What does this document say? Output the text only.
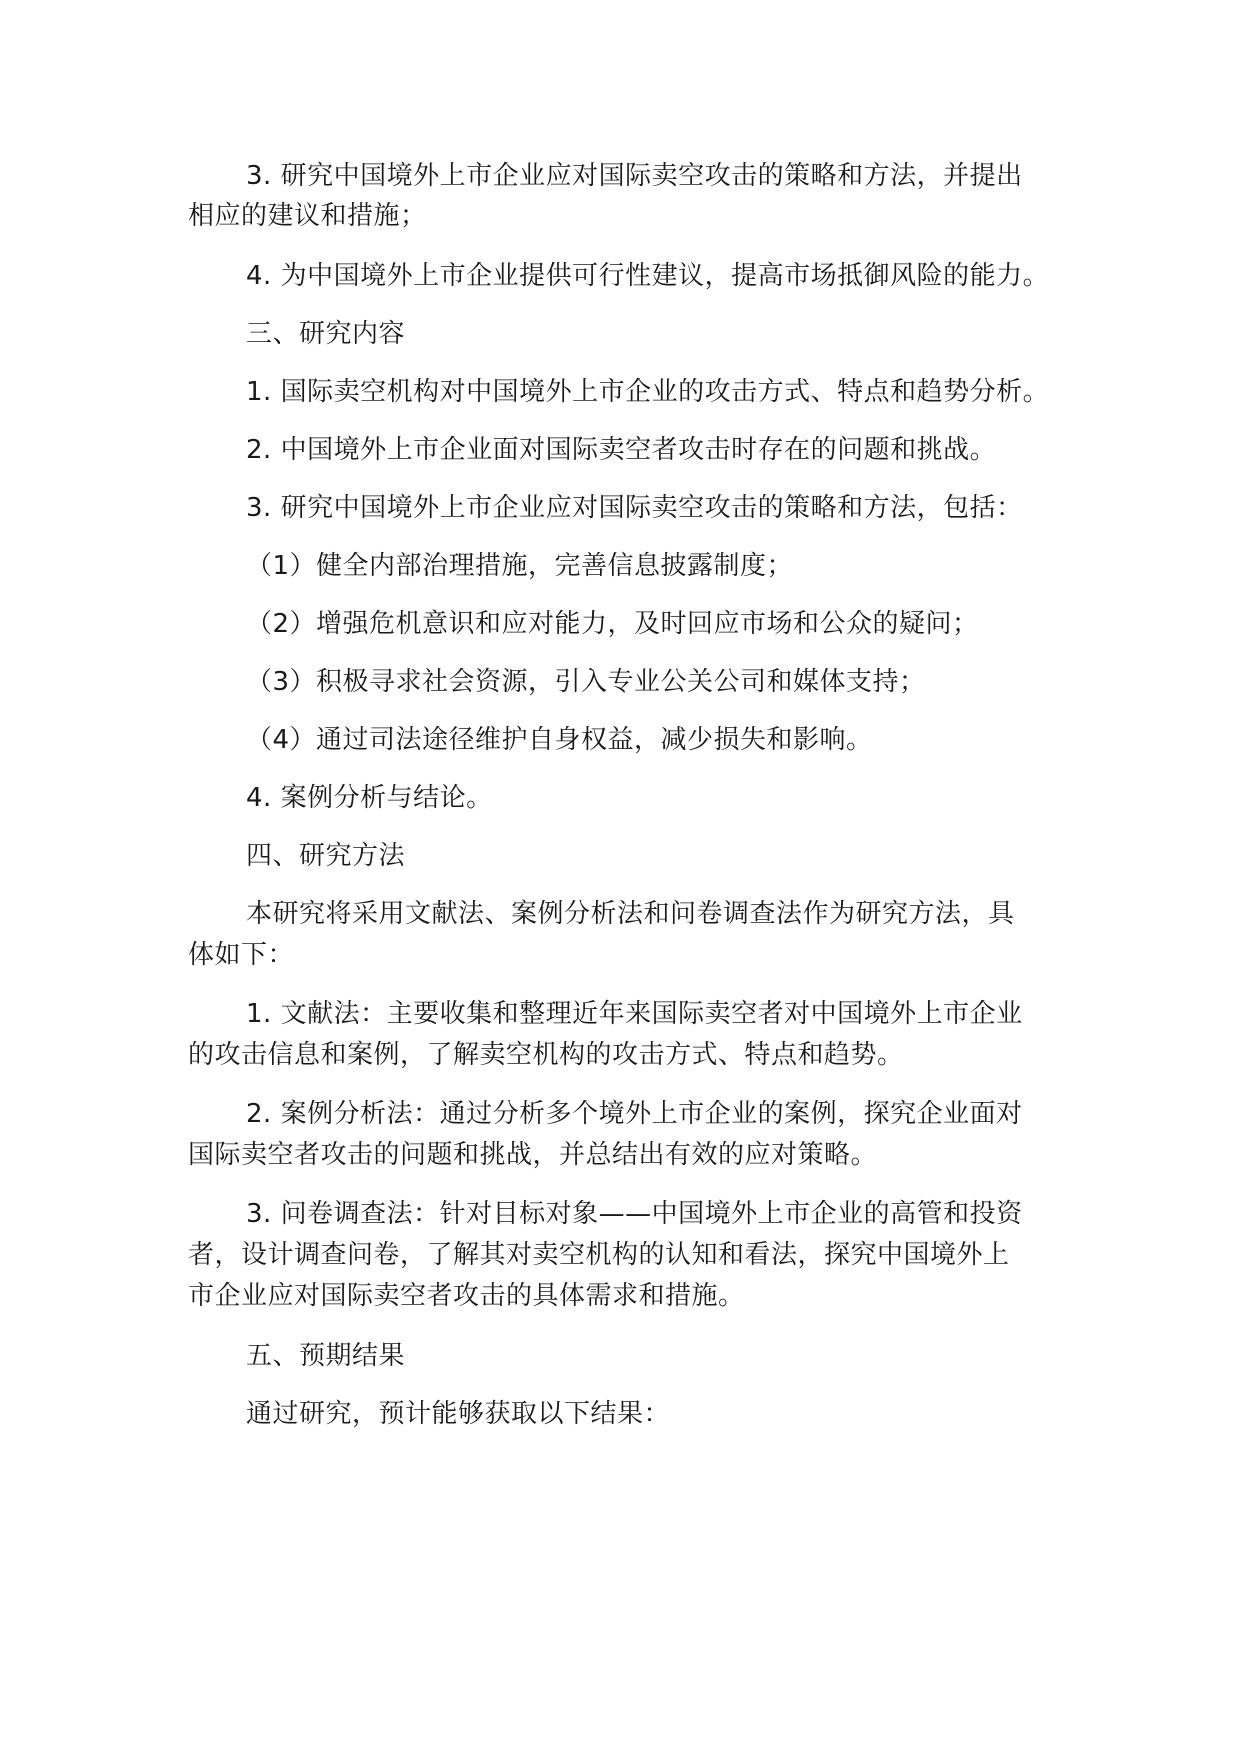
3. 研究中国境外上市企业应对国际卖空攻击的策略和方法，并提出
相应的建议和措施；
4. 为中国境外上市企业提供可行性建议，提高市场抵御风险的能力。
三、研究内容
1. 国际卖空机构对中国境外上市企业的攻击方式、特点和趋势分析。
2. 中国境外上市企业面对国际卖空者攻击时存在的问题和挑战。
3. 研究中国境外上市企业应对国际卖空攻击的策略和方法，包括：
（1）健全内部治理措施，完善信息披露制度；
（2）增强危机意识和应对能力，及时回应市场和公众的疑问；
（3）积极寻求社会资源，引入专业公关公司和媒体支持；
（4）通过司法途径维护自身权益，减少损失和影响。
4. 案例分析与结论。
四、研究方法
本研究将采用文献法、案例分析法和问卷调查法作为研究方法，具
体如下：
1. 文献法：主要收集和整理近年来国际卖空者对中国境外上市企业
的攻击信息和案例，了解卖空机构的攻击方式、特点和趋势。
2. 案例分析法：通过分析多个境外上市企业的案例，探究企业面对
国际卖空者攻击的问题和挑战，并总结出有效的应对策略。
3. 问卷调查法：针对目标对象——中国境外上市企业的高管和投资
者，设计调查问卷，了解其对卖空机构的认知和看法，探究中国境外上
市企业应对国际卖空者攻击的具体需求和措施。
五、预期结果
通过研究，预计能够获取以下结果：
